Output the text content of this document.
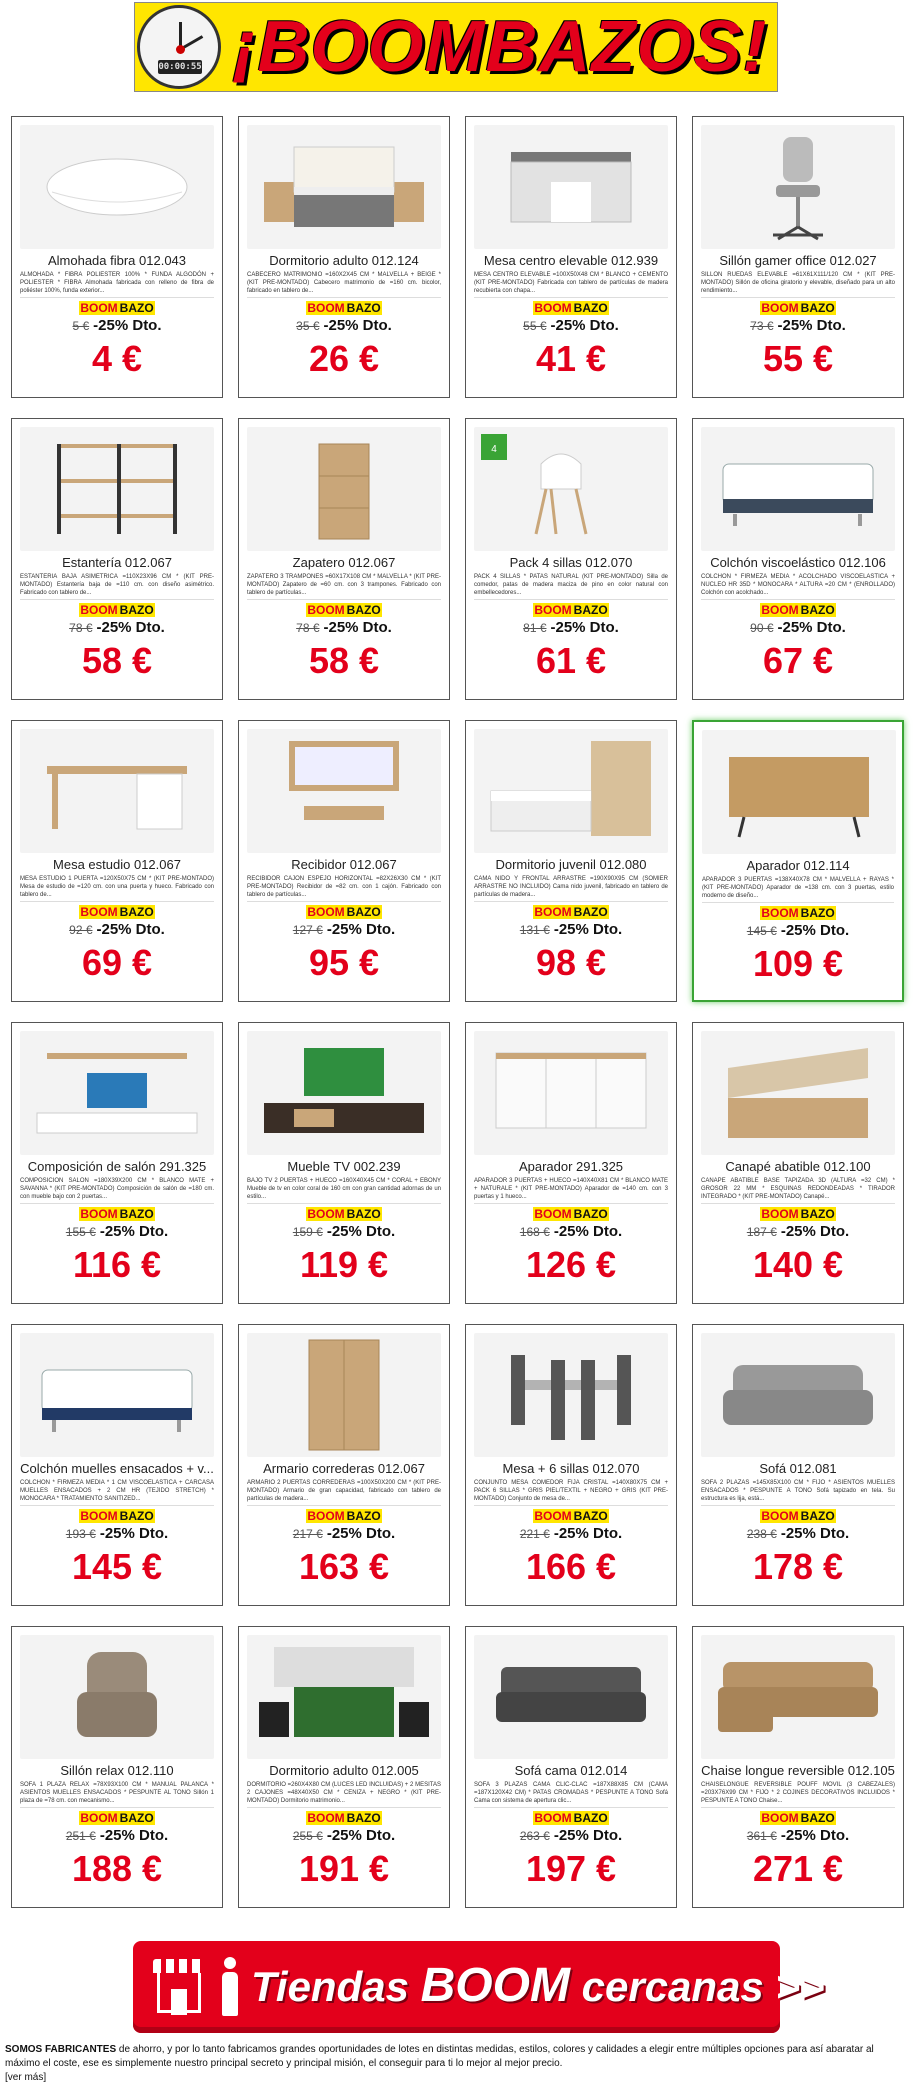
00:00:55 ¡BOOMBAZOS!
Almohada fibra 012.043
ALMOHADA * FIBRA POLIESTER 100% * FUNDA ALGODÓN + POLIESTER * FIBRA Almohada fabricada con relleno de fibra de poliéster 100%, funda exterior...
BOOM BAZO
5 € -25% Dto.
4 €
Dormitorio adulto 012.124
CABECERO MATRIMONIO =160X2X45 CM * MALVELLA + BEIGE * (KIT PRE-MONTADO) Cabecero matrimonio de =160 cm. bicolor, fabricado en tablero de...
BOOM BAZO
35 € -25% Dto.
26 €
Mesa centro elevable 012.939
MESA CENTRO ELEVABLE =100X50X48 CM * BLANCO + CEMENTO (KIT PRE-MONTADO) Fabricada con tablero de partículas de madera recubierta con chapa...
BOOM BAZO
55 € -25% Dto.
41 €
Sillón gamer office 012.027
SILLON RUEDAS ELEVABLE =61X61X111/120 CM * (KIT PRE-MONTADO) Sillón de oficina giratorio y elevable, diseñado para un alto rendimiento...
BOOM BAZO
73 € -25% Dto.
55 €
Estantería 012.067
ESTANTERIA BAJA ASIMETRICA =110X23X96 CM * (KIT PRE-MONTADO) Estantería baja de =110 cm. con diseño asimétrico. Fabricado con tablero de...
BOOM BAZO
78 € -25% Dto.
58 €
Zapatero 012.067
ZAPATERO 3 TRAMPONES =60X17X108 CM * MALVELLA * (KIT PRE-MONTADO) Zapatero de =60 cm. con 3 trampones. Fabricado con tablero de partículas...
BOOM BAZO
78 € -25% Dto.
58 €
4
Pack 4 sillas 012.070
PACK 4 SILLAS * PATAS NATURAL (KIT PRE-MONTADO) Silla de comedor, patas de madera maciza de pino en color natural con embellecedores...
BOOM BAZO
81 € -25% Dto.
61 €
Colchón viscoelástico 012.106
COLCHON * FIRMEZA MEDIA * ACOLCHADO VISCOELASTICA + NUCLEO HR 35D * MONOCARA * ALTURA =20 CM * (ENROLLADO) Colchón con acolchado...
BOOM BAZO
90 € -25% Dto.
67 €
Mesa estudio 012.067
MESA ESTUDIO 1 PUERTA =120X50X75 CM * (KIT PRE-MONTADO) Mesa de estudio de =120 cm. con una puerta y hueco. Fabricado con tablero de...
BOOM BAZO
92 € -25% Dto.
69 €
Recibidor 012.067
RECIBIDOR CAJON ESPEJO HORIZONTAL =82X26X30 CM * (KIT PRE-MONTADO) Recibidor de =82 cm. con 1 cajón. Fabricado con tablero de partículas...
BOOM BAZO
127 € -25% Dto.
95 €
Dormitorio juvenil 012.080
CAMA NIDO Y FRONTAL ARRASTRE =190X90X95 CM (SOMIER ARRASTRE NO INCLUIDO) Cama nido juvenil, fabricado en tablero de partículas de madera...
BOOM BAZO
131 € -25% Dto.
98 €
Aparador 012.114
APARADOR 3 PUERTAS =138X40X78 CM * MALVELLA + RAYAS * (KIT PRE-MONTADO) Aparador de =138 cm. con 3 puertas, estilo moderno de diseño...
BOOM BAZO
145 € -25% Dto.
109 €
Composición de salón 291.325
COMPOSICION SALON =180X39X200 CM * BLANCO MATE + SAVANNA * (KIT PRE-MONTADO) Composición de salón de =180 cm. con mueble bajo con 2 puertas...
BOOM BAZO
155 € -25% Dto.
116 €
Mueble TV 002.239
BAJO TV 2 PUERTAS + HUECO =160X40X45 CM * CORAL + EBONY Mueble de tv en color coral de 160 cm con gran cantidad adornas de un estilo...
BOOM BAZO
159 € -25% Dto.
119 €
Aparador 291.325
APARADOR 3 PUERTAS + HUECO =140X40X81 CM * BLANCO MATE + NATURALE * (KIT PRE-MONTADO) Aparador de =140 cm. con 3 puertas y 1 hueco...
BOOM BAZO
168 € -25% Dto.
126 €
Canapé abatible 012.100
CANAPE ABATIBLE BASE TAPIZADA 3D (ALTURA =32 CM) * GROSOR 22 MM * ESQUINAS REDONDEADAS * TIRADOR INTEGRADO * (KIT PRE-MONTADO) Canapé...
BOOM BAZO
187 € -25% Dto.
140 €
Colchón muelles ensacados + v...
COLCHON * FIRMEZA MEDIA * 1 CM VISCOELASTICA + CARCASA MUELLES ENSACADOS + 2 CM HR (TEJIDO STRETCH) * MONOCARA * TRATAMIENTO SANITIZED...
BOOM BAZO
193 € -25% Dto.
145 €
Armario correderas 012.067
ARMARIO 2 PUERTAS CORREDERAS =100X50X200 CM * (KIT PRE-MONTADO) Armario de gran capacidad, fabricado con tablero de partículas de madera...
BOOM BAZO
217 € -25% Dto.
163 €
Mesa + 6 sillas 012.070
CONJUNTO MESA COMEDOR FIJA CRISTAL =140X80X75 CM + PACK 6 SILLAS * GRIS PIEL/TEXTIL + NEGRO + GRIS (KIT PRE-MONTADO) Conjunto de mesa de...
BOOM BAZO
221 € -25% Dto.
166 €
Sofá 012.081
SOFA 2 PLAZAS =145X85X100 CM * FIJO * ASIENTOS MUELLES ENSACADOS * PESPUNTE A TONO Sofá tapizado en tela. Su estructura es lija, está...
BOOM BAZO
238 € -25% Dto.
178 €
Sillón relax 012.110
SOFA 1 PLAZA RELAX =78X93X100 CM * MANUAL PALANCA * ASIENTOS MUELLES ENSACADOS * PESPUNTE AL TONO Sillón 1 plaza de =78 cm. con mecanismo...
BOOM BAZO
251 € -25% Dto.
188 €
Dormitorio adulto 012.005
DORMITORIO =260X4X80 CM (LUCES LED INCLUIDAS) + 2 MESITAS 2 CAJONES =48X40X50 CM * CENIZA + NEGRO * (KIT PRE-MONTADO) Dormitorio matrimonio...
BOOM BAZO
255 € -25% Dto.
191 €
Sofá cama 012.014
SOFA 3 PLAZAS CAMA CLIC-CLAC =187X88X85 CM (CAMA =187X120X42 CM) * PATAS CROMADAS * PESPUNTE A TONO Sofá Cama con sistema de apertura clic...
BOOM BAZO
263 € -25% Dto.
197 €
Chaise longue reversible 012.105
CHAISELONGUE REVERSIBLE POUFF MOVIL (3 CABEZALES) =203X76X99 CM * FIJO * 2 COJINES DECORATIVOS INCLUIDOS * PESPUNTE A TONO Chaise...
BOOM BAZO
361 € -25% Dto.
271 €
Tiendas BOOM cercanas >>
SOMOS FABRICANTES de ahorro, y por lo tanto fabricamos grandes oportunidades de lotes en distintas medidas, estilos, colores y calidades a elegir entre múltiples opciones para así abaratar al máximo el coste, ese es simplemente nuestro principal secreto y principal misión, el conseguir para ti lo mejor al mejor precio.
[ver más]
